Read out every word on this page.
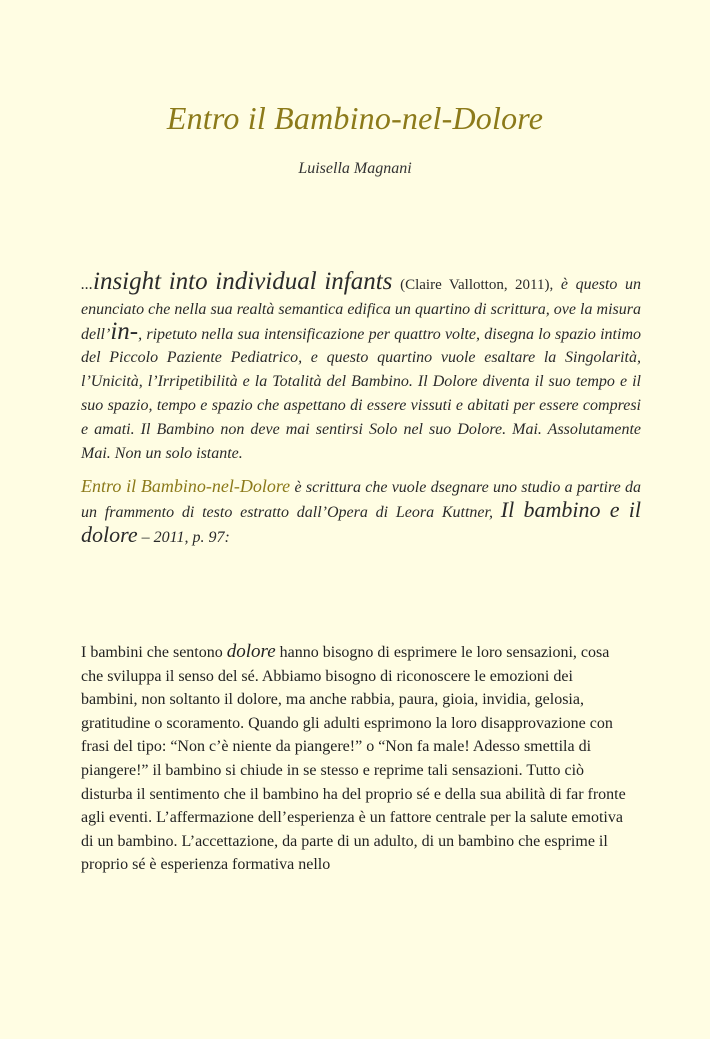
Entro il Bambino-nel-Dolore
Luisella Magnani

...insight into individual infants (Claire Vallotton, 2011), è questo un enunciato che nella sua realtà semantica edifica un quartino di scrittura, ove la misura dell’in-, ripetuto nella sua intensificazione per quattro volte, disegna lo spazio intimo del Piccolo Paziente Pediatrico, e questo quartino vuole esaltare la Singolarità, l’Unicità, l’Irripetibilità e la Totalità del Bambino. Il Dolore diventa il suo tempo e il suo spazio, tempo e spazio che aspettano di essere vissuti e abitati per essere compresi e amati. Il Bambino non deve mai sentirsi Solo nel suo Dolore. Mai. Assolutamente Mai. Non un solo istante.

Entro il Bambino-nel-Dolore è scrittura che vuole dsegnare uno studio a partire da un frammento di testo estratto dall’Opera di Leora Kuttner, Il bambino e il dolore – 2011, p. 97:

I bambini che sentono dolore hanno bisogno di esprimere le loro sensazioni, cosa che sviluppa il senso del sé. Abbiamo bisogno di riconoscere le emozioni dei bambini, non soltanto il dolore, ma anche rabbia, paura, gioia, invidia, gelosia, gratitudine o scoramento. Quando gli adulti esprimono la loro disapprovazione con frasi del tipo: “Non c’è niente da piangere!” o “Non fa male! Adesso smettila di piangere!” il bambino si chiude in se stesso e reprime tali sensazioni. Tutto ciò disturba il sentimento che il bambino ha del proprio sé e della sua abilità di far fronte agli eventi. L’affermazione dell’esperienza è un fattore centrale per la salute emotiva di un bambino. L’accettazione, da parte di un adulto, di un bambino che esprime il proprio sé è esperienza formativa nello
